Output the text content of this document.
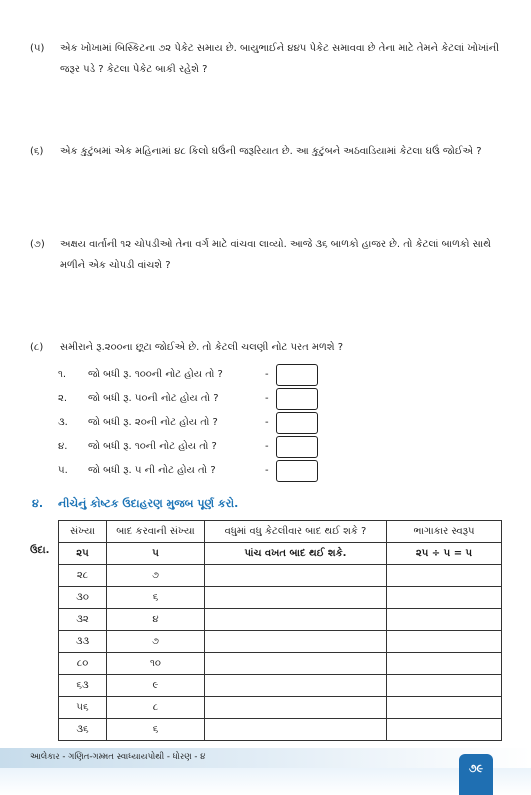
(૫) એક ખોખામાં બિસ્કિટના ૭૨ પેકેટ સમાય છે. બાયુભાઈને ૪૪૫ પેકેટ સમાવવા છે તેના માટે તેમને કેટલાં ખોખાંની જરૂર પડે ? કેટલા પેકેટ બાકી રહેશે ?
(૬) એક કુટુંબમાં એક મહિનામાં ૪૮ કિલો ઘઉંની જરૂરિયાત છે. આ કુટુંબને અઠવાડિયામાં કેટલા ઘઉં જોઈએ ?
(૭) અક્ષય વાર્તાની ૧૨ ચોપડીઓ તેના વર્ગ માટે વાંચવા લાવ્યો. આજે ૩૬ બાળકો હાજર છે. તો કેટલાં બાળકો સાથે મળીને એક ચોપડી વાંચશે ?
(૮) સમીરાને રૂ.૨૦૦ના છૂટા જોઈએ છે. તો કેટલી ચલણી નોટ પરત મળશે ?
૧. જો બધી રૂ. ૧૦૦ની નોટ હોય તો ?	-
૨. જો બધી રૂ. ૫૦ની નોટ હોય તો ?	-
૩. જો બધી રૂ. ૨૦ની નોટ હોય તો ?	-
૪. જો બધી રૂ. ૧૦ની નોટ હોય તો ?	-
૫. જો બધી રૂ. ૫ ની નોટ હોય તો ?	-
૪. નીચેનું કોષ્ટક ઉદાહરણ મુજબ પૂર્ણ કરો.
ઉદા.
સંખ્યા	બાદ કરવાની સંખ્યા	વધુમાં વધુ કેટલીવાર બાદ થઈ શકે ?	ભાગાકાર સ્વરૂપ
૨૫	૫	પાંચ વખત બાદ થઈ શકે.	૨૫ ÷ ૫ = ૫
૨૮	૭		
૩૦	૬		
૩૨	૪		
૩૩	૭		
૮૦	૧૦		
૬૩	૯		
૫૬	૮		
૩૬	૬		
આલેકાર - ગણિત-ગમ્મત સ્વાધ્યાયપોથી - ધોરણ - ૪
૭૯
